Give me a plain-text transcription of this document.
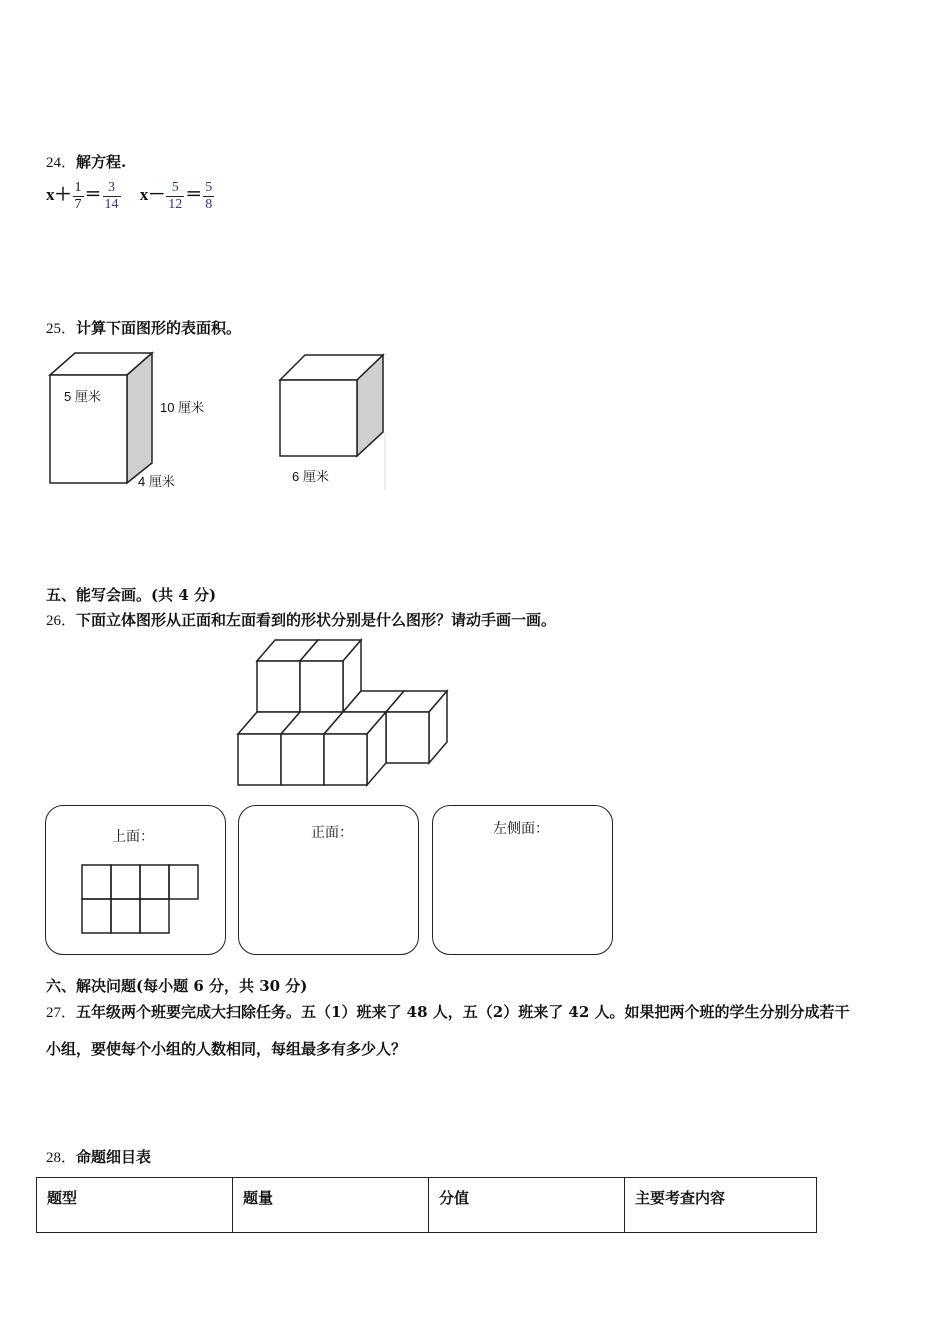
24．解方程.
$x+ \frac{1}{7} = \frac{3}{14} x- \frac{5}{12} = \frac{5}{8}$
25．计算下面图形的表面积。
5 厘米
10 厘米
4 厘米	6 厘米
五、能写会画。(共 4 分)
26．下面立体图形从正面和左面看到的形状分别是什么图形？请动手画一画。
上面：	正面：	左侧面：
六、解决问题(每小题 6 分，共 30 分)
27．五年级两个班要完成大扫除任务。五（1）班来了 48 人，五（2）班来了 42 人。如果把两个班的学生分别分成若干
小组，要使每个小组的人数相同，每组最多有多少人？
28．命题细目表
题型	题量	分值	主要考查内容
